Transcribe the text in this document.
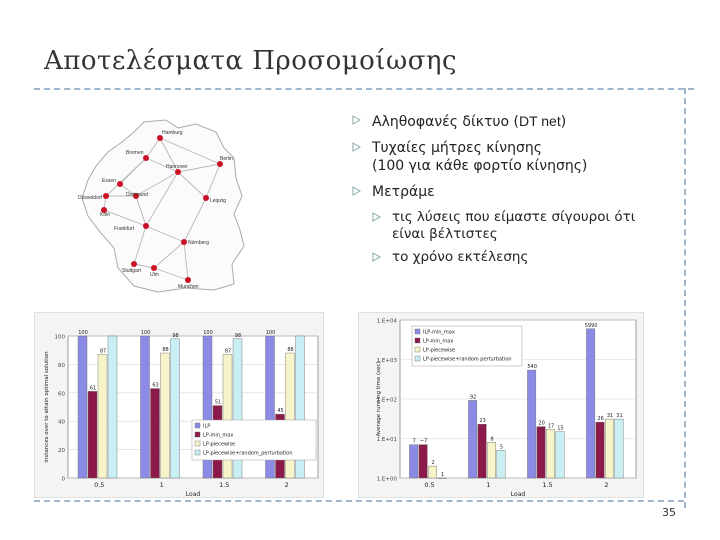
Αποτελέσματα Προσομοίωσης
35
Hamburg
Bremen
Berlin
Hannover
Essen
Düsseldorf	Dortmund
Leipzig
Köln
Frankfurt
Nürnberg
Stuttgart
Ulm
Munchen
Αληθοφανές δίκτυο (DT net)
Τυχαίες μήτρες κίνησης
(100 για κάθε φορτίο κίνησης)
Μετράμε
τις λύσεις που είμαστε σίγουροι ότι
είναι βέλτιστες
το χρόνο εκτέλεσης
0
20
40
60
80
100
100
61
87
0.5
100
63
88
98
1
100
51
87
98
1.5
100
45
88
2
Load
instances over to attain optimal solution	ILP
LP-min_max
LP-piecewise
LP-piecewise+random_perturbation
1.E+00
1.E+01
1.E+02
1.E+03
1.E+04
7 ~7
2
1
0.5
92
23
8
5
1
540
20 17 15
1.5
5990
26
31 31
2
Load
Average running time (sec)
ILP-min_max
LP-min_max
LP-piecewise
LP-piecewise+random perturbation
